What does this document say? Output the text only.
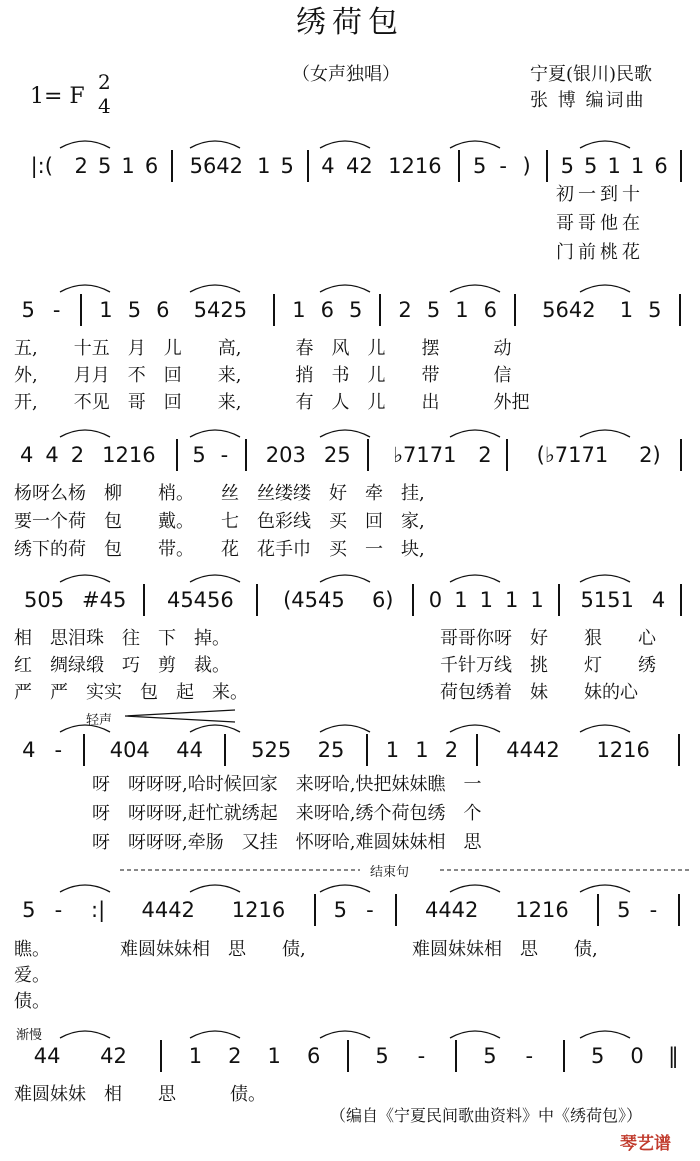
绣荷包
（女声独唱）	宁夏(银川)民歌
张 博 编词曲
1= F
2
4
初一到十
哥哥他在
门前桃花
五,　　十五　月　儿　　高,　　　春　风　儿　　摆　　　动
外,　　月月　不　回　　来,　　　捎　书　儿　　带　　　信
开,　　不见　哥　回　　来,　　　有　人　儿　　出　　　外把
杨呀么杨　柳　　梢。　　丝　丝缕缕　好　牵　挂,
要一个荷　包　　戴。　　七　色彩线　买　回　家,
绣下的荷　包　　带。　　花　花手巾　买　一　块,
相　思泪珠　往　下　掉。
红　绸绿缎　巧　剪　裁。
严　严　实实　包　起　来。
哥哥你呀　好　　狠　　心
千针万线　挑　　灯　　绣
荷包绣着　妹　　妹的心
轻声
呀　呀呀呀,哈时候回家　来呀哈,快把妹妹瞧　一
呀　呀呀呀,赶忙就绣起　来呀哈,绣个荷包绣　个
呀　呀呀呀,牵肠　又挂　怀呀哈,难圆妹妹相　思
结束句
瞧。
爱。
债。
难圆妹妹相　思　　债,	难圆妹妹相　思　　债,
渐慢
难圆妹妹　相　　思　　　债。
（编自《宁夏民间歌曲资料》中《绣荷包》）
琴艺谱
|:(	2 5 1 6	5642 1 5 4 42 1216	5 - )	5 5 1 1 6
5 -	1 5 6	5425	1 6 5	2 5 1 6	5642	1 5
4 4 2 1216	5 -	203 25	♭7171	2	(♭7171	2)
505 #45	45456	(4545	6)	0 1 1 1 1	5151 4
4 -	404	44	525	25	1 1 2	4442	1216
5 -	:|	4442	1216	5 -	4442	1216	5 -
44	42	1	2	1	6	5	-	5	-	5	0	‖
